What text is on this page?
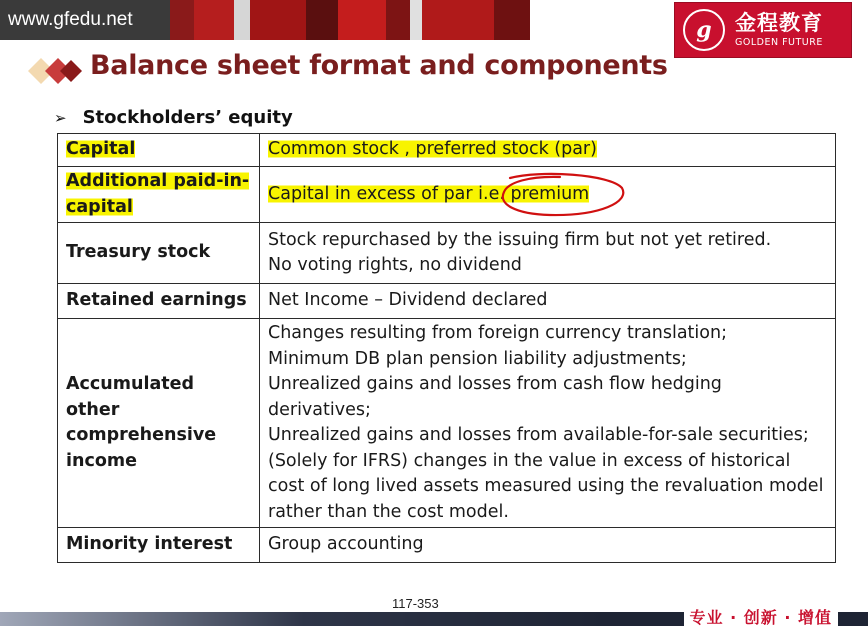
www.gfedu.net	g	金程教育
GOLDEN FUTURE
Balance sheet format and components
➢ Stockholders’ equity
Capital	Common stock , preferred stock (par)

Additional paid-in-capital	Capital in excess of par i.e. premium

Treasury stock	Stock repurchased by the issuing firm but not yet retired.
No voting rights, no dividend

Retained earnings	Net Income – Dividend declared

Accumulated other comprehensive income	Changes resulting from foreign currency translation;
Minimum DB plan pension liability adjustments;
Unrealized gains and losses from cash flow hedging derivatives;
Unrealized gains and losses from available-for-sale securities;
(Solely for IFRS) changes in the value in excess of historical cost of long lived assets measured using the revaluation model rather than the cost model.

Minority interest	Group accounting
专业 · 创新 · 增值
117-353
